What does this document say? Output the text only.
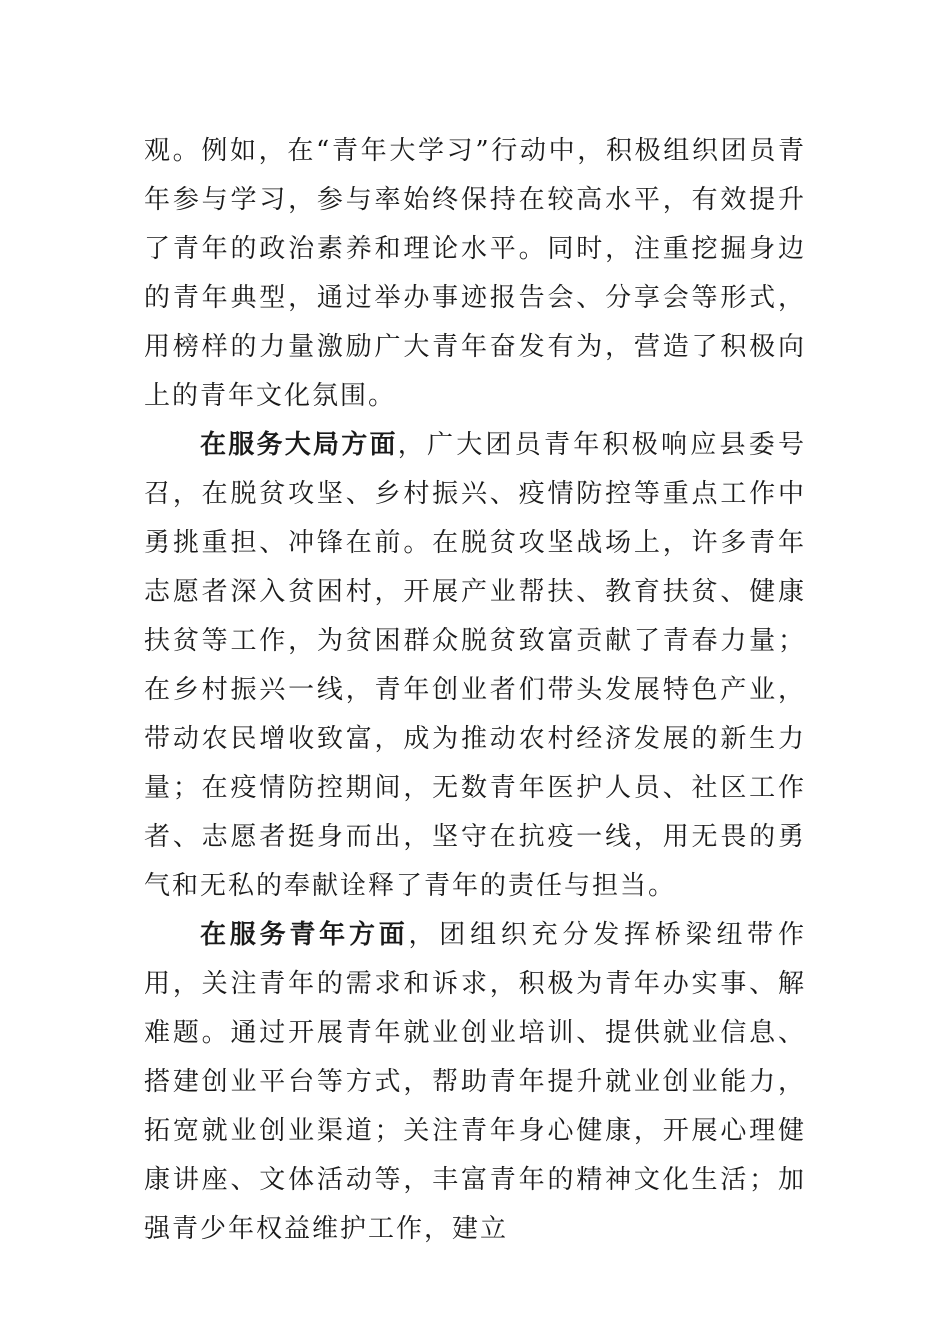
观。例如，在“青年大学习”行动中，积极组织团员青年参与学习，参与率始终保持在较高水平，有效提升了青年的政治素养和理论水平。同时，注重挖掘身边的青年典型，通过举办事迹报告会、分享会等形式，用榜样的力量激励广大青年奋发有为，营造了积极向上的青年文化氛围。

在服务大局方面，广大团员青年积极响应县委号召，在脱贫攻坚、乡村振兴、疫情防控等重点工作中勇挑重担、冲锋在前。在脱贫攻坚战场上，许多青年志愿者深入贫困村，开展产业帮扶、教育扶贫、健康扶贫等工作，为贫困群众脱贫致富贡献了青春力量；在乡村振兴一线，青年创业者们带头发展特色产业，带动农民增收致富，成为推动农村经济发展的新生力量；在疫情防控期间，无数青年医护人员、社区工作者、志愿者挺身而出，坚守在抗疫一线，用无畏的勇气和无私的奉献诠释了青年的责任与担当。

在服务青年方面，团组织充分发挥桥梁纽带作用，关注青年的需求和诉求，积极为青年办实事、解难题。通过开展青年就业创业培训、提供就业信息、搭建创业平台等方式，帮助青年提升就业创业能力，拓宽就业创业渠道；关注青年身心健康，开展心理健康讲座、文体活动等，丰富青年的精神文化生活；加强青少年权益维护工作，建立
